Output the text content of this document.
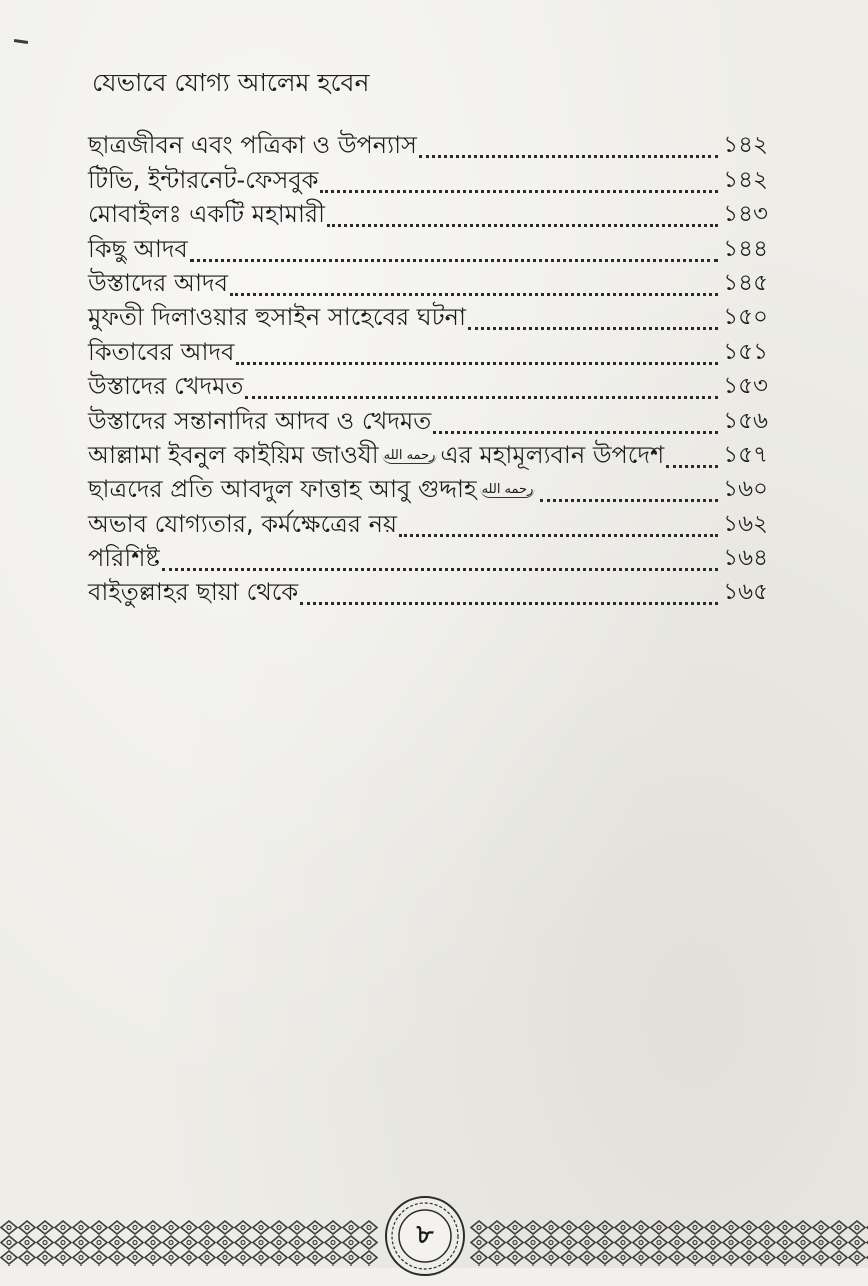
যেভাবে যোগ্য আলেম হবেন
ছাত্রজীবন এবং পত্রিকা ও উপন্যাস	১৪২
টিভি, ইন্টারনেট-ফেসবুক	১৪২
মোবাইলঃ একটি মহামারী	১৪৩
কিছু আদব	১৪৪
উস্তাদের আদব	১৪৫
মুফতী দিলাওয়ার হুসাইন সাহেবের ঘটনা	১৫০
কিতাবের আদব	১৫১
উস্তাদের খেদমত	১৫৩
উস্তাদের সন্তানাদির আদব ও খেদমত	১৫৬
আল্লামা ইবনুল কাইয়িম জাওযী رحمه الله এর মহামূল্যবান উপদেশ	১৫৭
ছাত্রদের প্রতি আবদুল ফাত্তাহ আবু গুদ্দাহ رحمه الله	১৬০
অভাব যোগ্যতার, কর্মক্ষেত্রের নয়	১৬২
পরিশিষ্ট	১৬৪
বাইতুল্লাহর ছায়া থেকে	১৬৫
৮
